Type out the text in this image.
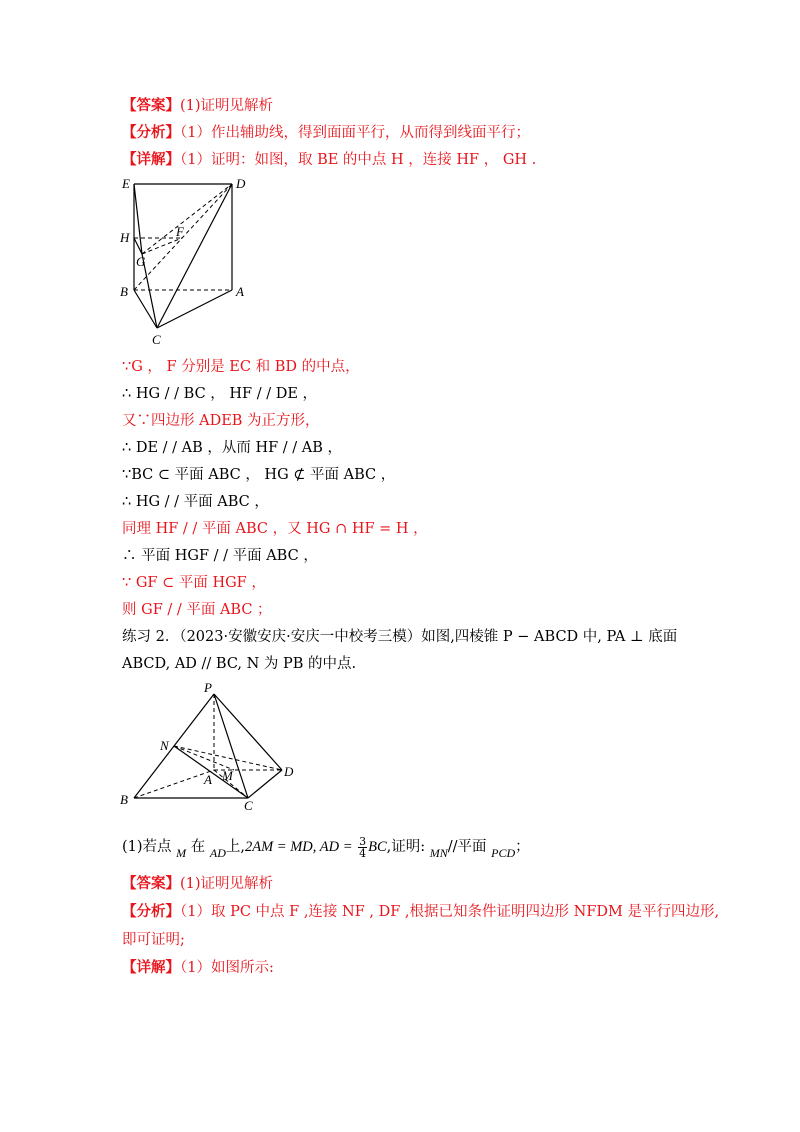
【答案】(1)证明见解析
【分析】（1）作出辅助线，得到面面平行，从而得到线面平行；
【详解】（1）证明：如图，取 BE 的中点 H ，连接 HF ， GH .
E	D
H	F
G
B	A
C
∵G ， F 分别是 EC 和 BD 的中点，
∴ HG / / BC ， HF / / DE ，
又∵四边形 ADEB 为正方形，
∴ DE / / AB ，从而 HF / / AB ，
∵BC ⊂ 平面 ABC ， HG ⊄ 平面 ABC ，
∴ HG / / 平面 ABC ，
同理 HF / / 平面 ABC ，又 HG ∩ HF = H ，
∴ 平面 HGF / / 平面 ABC ，
∵ GF ⊂ 平面 HGF ，
则 GF / / 平面 ABC ；
练习 2．（2023·安徽安庆·安庆一中校考三模）如图,四棱锥 P − ABCD 中, PA ⊥ 底面
ABCD, AD // BC, N 为 PB 的中点.
P
N
A M	D
B	C
(1)若点 $_M$ 在 $_{AD}$上,2AM = MD, AD = $\frac{3}{4}$ BC,证明: $_{MN}$//平面 $_{PCD}$；
【答案】(1)证明见解析
【分析】（1）取 PC 中点 F ,连接 NF , DF ,根据已知条件证明四边形 NFDM 是平行四边形,
即可证明;
【详解】（1）如图所示:
